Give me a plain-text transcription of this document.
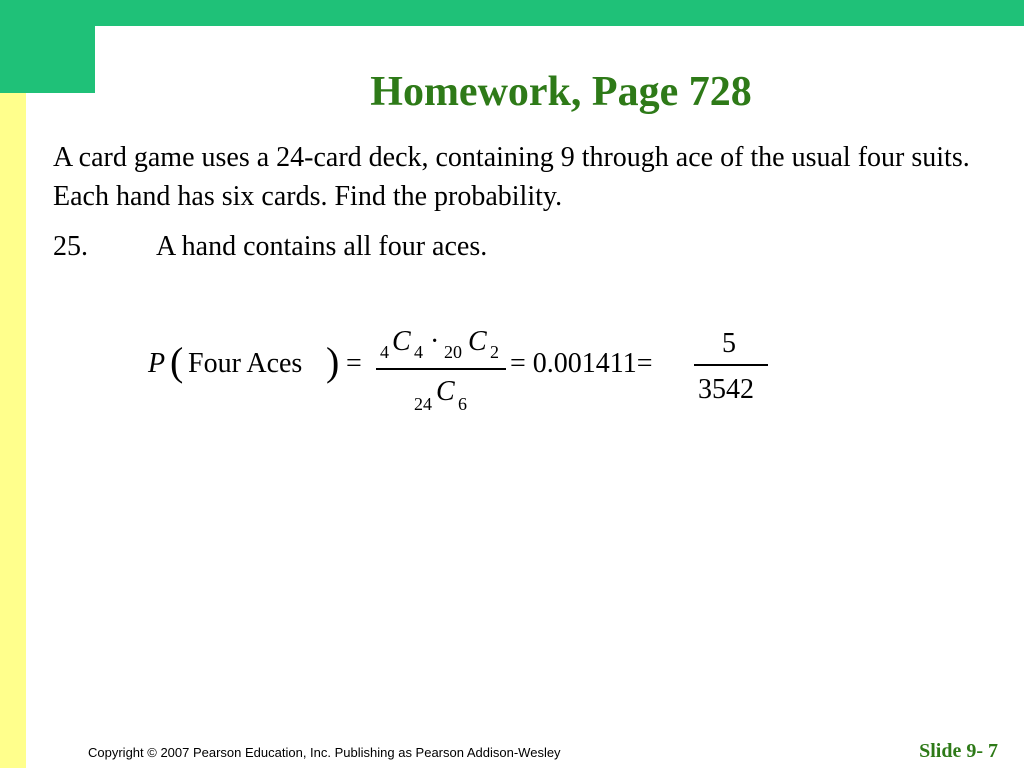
Homework, Page 728

A card game uses a 24-card deck, containing 9 through ace of the usual four suits. Each hand has six cards. Find the probability.

25. A hand contains all four aces.
P ( Four Aces ) = 4 C 4 · 20 C 2
24 C 6
= 0.001411=
5
3542
Copyright © 2007 Pearson Education, Inc. Publishing as Pearson Addison-Wesley	Slide 9- 7
